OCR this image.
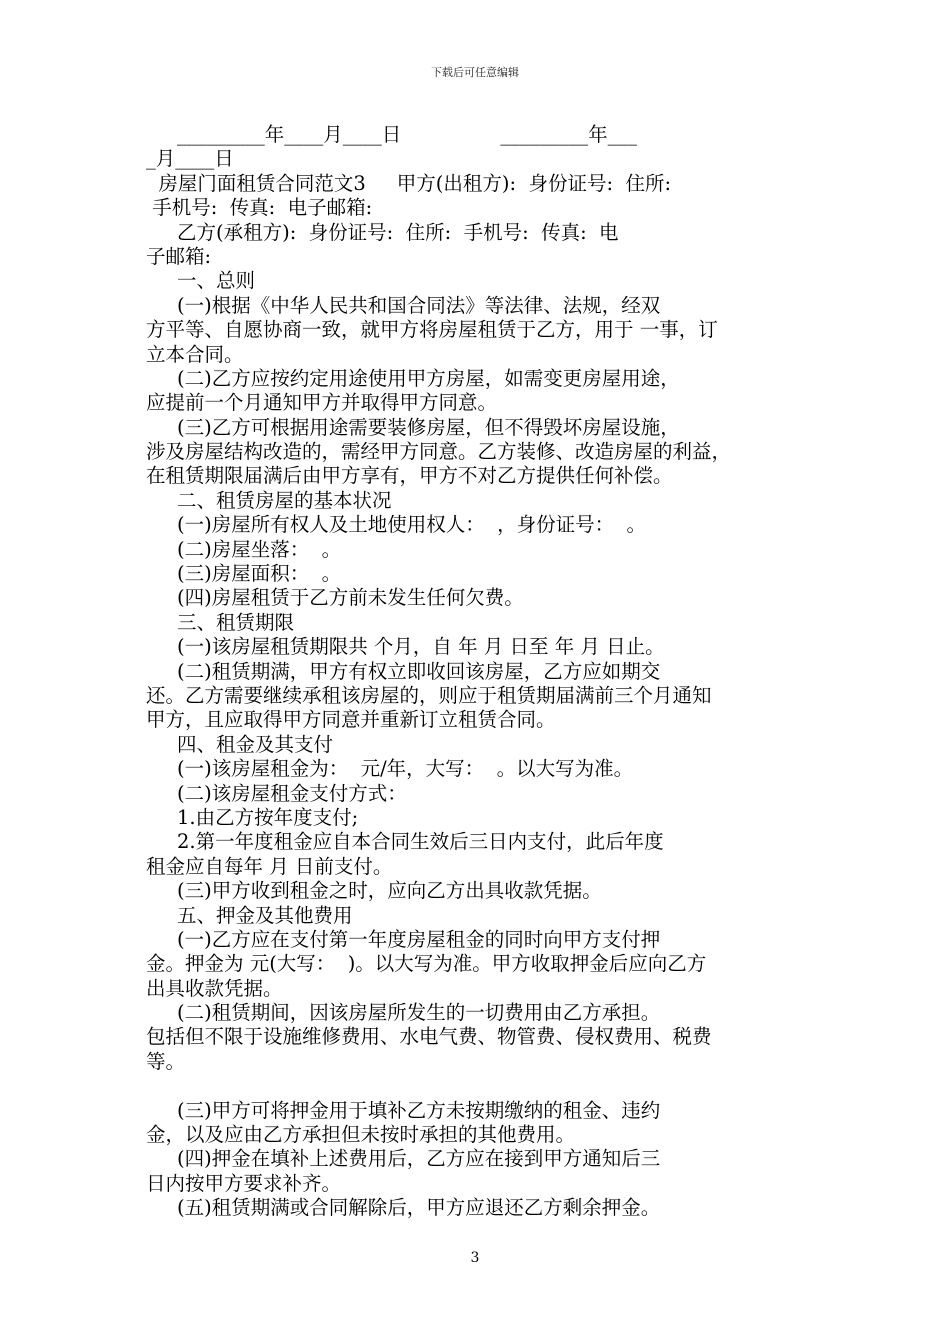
下载后可任意编辑
_________年____月____日                _________年___
_月____日
房屋门面租赁合同范文3     甲方(出租方):  身份证号:  住所:
手机号:  传真:  电子邮箱:
乙方(承租方):  身份证号:  住所:  手机号:  传真:  电
子邮箱:
一、总则
(一)根据《中华人民共和国合同法》等法律、法规，经双
方平等、自愿协商一致，就甲方将房屋租赁于乙方，用于 一事，订
立本合同。
(二)乙方应按约定用途使用甲方房屋，如需变更房屋用途，
应提前一个月通知甲方并取得甲方同意。
(三)乙方可根据用途需要装修房屋，但不得毁坏房屋设施，
涉及房屋结构改造的，需经甲方同意。乙方装修、改造房屋的利益，
在租赁期限届满后由甲方享有，甲方不对乙方提供任何补偿。
二、租赁房屋的基本状况
(一)房屋所有权人及土地使用权人：  ，身份证号：  。
(二)房屋坐落：  。
(三)房屋面积：  。
(四)房屋租赁于乙方前未发生任何欠费。
三、租赁期限
(一)该房屋租赁期限共 个月，自 年 月 日至 年 月 日止。
(二)租赁期满，甲方有权立即收回该房屋，乙方应如期交
还。乙方需要继续承租该房屋的，则应于租赁期届满前三个月通知
甲方，且应取得甲方同意并重新订立租赁合同。
四、租金及其支付
(一)该房屋租金为：  元/年，大写：  。以大写为准。
(二)该房屋租金支付方式：
1.由乙方按年度支付;
2.第一年度租金应自本合同生效后三日内支付，此后年度
租金应自每年 月 日前支付。
(三)甲方收到租金之时，应向乙方出具收款凭据。
五、押金及其他费用
(一)乙方应在支付第一年度房屋租金的同时向甲方支付押
金。押金为 元(大写：  )。以大写为准。甲方收取押金后应向乙方
出具收款凭据。
(二)租赁期间，因该房屋所发生的一切费用由乙方承担。
包括但不限于设施维修费用、水电气费、物管费、侵权费用、税费
等。
(三)甲方可将押金用于填补乙方未按期缴纳的租金、违约
金，以及应由乙方承担但未按时承担的其他费用。
(四)押金在填补上述费用后，乙方应在接到甲方通知后三
日内按甲方要求补齐。
(五)租赁期满或合同解除后，甲方应退还乙方剩余押金。
3
